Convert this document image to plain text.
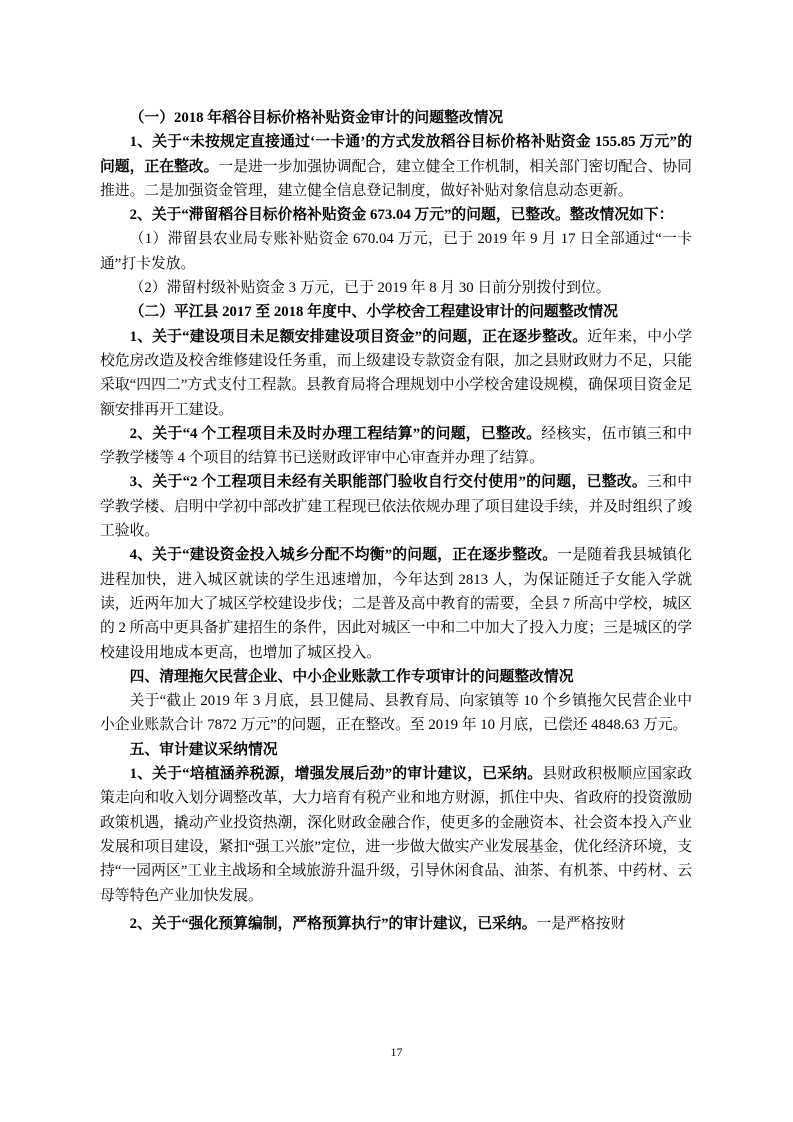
（一）2018 年稻谷目标价格补贴资金审计的问题整改情况

1、关于“未按规定直接通过‘一卡通’的方式发放稻谷目标价格补贴资金 155.85 万元”的问题，正在整改。一是进一步加强协调配合，建立健全工作机制，相关部门密切配合、协同推进。二是加强资金管理，建立健全信息登记制度，做好补贴对象信息动态更新。

2、关于“滞留稻谷目标价格补贴资金 673.04 万元”的问题，已整改。整改情况如下：

（1）滞留县农业局专账补贴资金 670.04 万元，已于 2019 年 9 月 17 日全部通过“一卡通”打卡发放。

（2）滞留村级补贴资金 3 万元，已于 2019 年 8 月 30 日前分别拨付到位。

（二）平江县 2017 至 2018 年度中、小学校舍工程建设审计的问题整改情况

1、关于“建设项目未足额安排建设项目资金”的问题，正在逐步整改。近年来，中小学校危房改造及校舍维修建设任务重，而上级建设专款资金有限，加之县财政财力不足，只能采取“四四二”方式支付工程款。县教育局将合理规划中小学校舍建设规模，确保项目资金足额安排再开工建设。

2、关于“4 个工程项目未及时办理工程结算”的问题，已整改。经核实，伍市镇三和中学教学楼等 4 个项目的结算书已送财政评审中心审查并办理了结算。

3、关于“2 个工程项目未经有关职能部门验收自行交付使用”的问题，已整改。三和中学教学楼、启明中学初中部改扩建工程现已依法依规办理了项目建设手续，并及时组织了竣工验收。

4、关于“建设资金投入城乡分配不均衡”的问题，正在逐步整改。一是随着我县城镇化进程加快，进入城区就读的学生迅速增加，今年达到 2813 人，为保证随迁子女能入学就读，近两年加大了城区学校建设步伐；二是普及高中教育的需要，全县 7 所高中学校，城区的 2 所高中更具备扩建招生的条件，因此对城区一中和二中加大了投入力度；三是城区的学校建设用地成本更高，也增加了城区投入。

四、清理拖欠民营企业、中小企业账款工作专项审计的问题整改情况

关于“截止 2019 年 3 月底，县卫健局、县教育局、向家镇等 10 个乡镇拖欠民营企业中小企业账款合计 7872 万元”的问题，正在整改。至 2019 年 10 月底，已偿还 4848.63 万元。

五、审计建议采纳情况

1、关于“培植涵养税源，增强发展后劲”的审计建议，已采纳。县财政积极顺应国家政策走向和收入划分调整改革，大力培育有税产业和地方财源，抓住中央、省政府的投资激励政策机遇，撬动产业投资热潮，深化财政金融合作，使更多的金融资本、社会资本投入产业发展和项目建设，紧扣“强工兴旅”定位，进一步做大做实产业发展基金，优化经济环境，支持“一园两区”工业主战场和全域旅游升温升级，引导休闲食品、油茶、有机茶、中药材、云母等特色产业加快发展。

2、关于“强化预算编制，严格预算执行”的审计建议，已采纳。一是严格按财

17
